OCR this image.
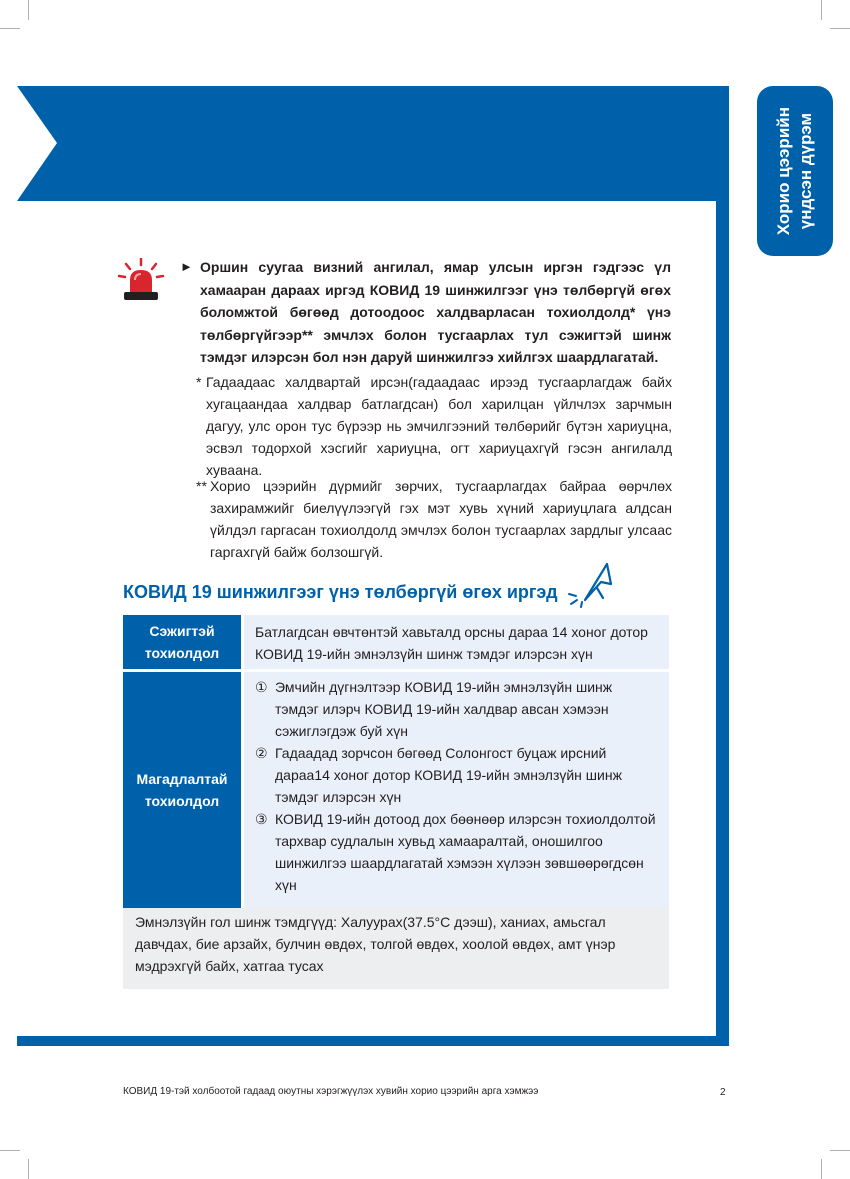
Хорио цээрийн
үндсэн дүрэм
► Оршин суугаа визний ангилал, ямар улсын иргэн гэдгээс үл хамааран дараах иргэд КОВИД 19 шинжилгээг үнэ төлбөргүй өгөх боломжтой бөгөөд дотоодоос халдварласан тохиолдолд* үнэ төлбөргүйгээр** эмчлэх болон тусгаарлах тул сэжигтэй шинж тэмдэг илэрсэн бол нэн даруй шинжилгээ хийлгэх шаардлагатай.

* Гадаадаас халдвартай ирсэн(гадаадаас ирээд тусгаарлагдаж байх хугацаандаа халдвар батлагдсан) бол харилцан үйлчлэх зарчмын дагуу, улс орон тус бүрээр нь эмчилгээний төлбөрийг бүтэн хариуцна, эсвэл тодорхой хэсгийг хариуцна, огт хариуцахгүй гэсэн ангилалд хуваана.

** Хорио цээрийн дүрмийг зөрчих, тусгаарлагдах байраа өөрчлөх захирамжийг биелүүлээгүй гэх мэт хувь хүний хариуцлага алдсан үйлдэл гаргасан тохиолдолд эмчлэх болон тусгаарлах зардлыг улсаас гаргахгүй байж болзошгүй.

КОВИД 19 шинжилгээг үнэ төлбөргүй өгөх иргэд
Сэжигтэй
тохиолдол
Батлагдсан өвчтөнтэй хавьталд орсны дараа 14 хоног дотор КОВИД 19-ийн эмнэлзүйн шинж тэмдэг илэрсэн хүн
Магадлалтай
тохиолдол
① Эмчийн дүгнэлтээр КОВИД 19-ийн эмнэлзүйн шинж тэмдэг илэрч КОВИД 19-ийн халдвар авсан хэмээн сэжиглэгдэж буй хүн
② Гадаадад зорчсон бөгөөд Солонгост буцаж ирсний дараа14 хоног дотор КОВИД 19-ийн эмнэлзүйн шинж тэмдэг илэрсэн хүн
③ КОВИД 19-ийн дотоод дох бөөнөөр илэрсэн тохиолдолтой тархвар судлалын хувьд хамааралтай, оношилгоо шинжилгээ шаардлагатай хэмээн хүлээн зөвшөөрөгдсөн хүн
Эмнэлзүйн гол шинж тэмдгүүд: Халуурах(37.5°C дээш), ханиах, амьсгал давчдах, бие арзайх, булчин өвдөх, толгой өвдөх, хоолой өвдөх, амт үнэр мэдрэхгүй байх, хатгаа тусах
КОВИД 19-тэй холбоотой гадаад оюутны хэрэгжүүлэх хувийн хорио цээрийн арга хэмжээ	2
